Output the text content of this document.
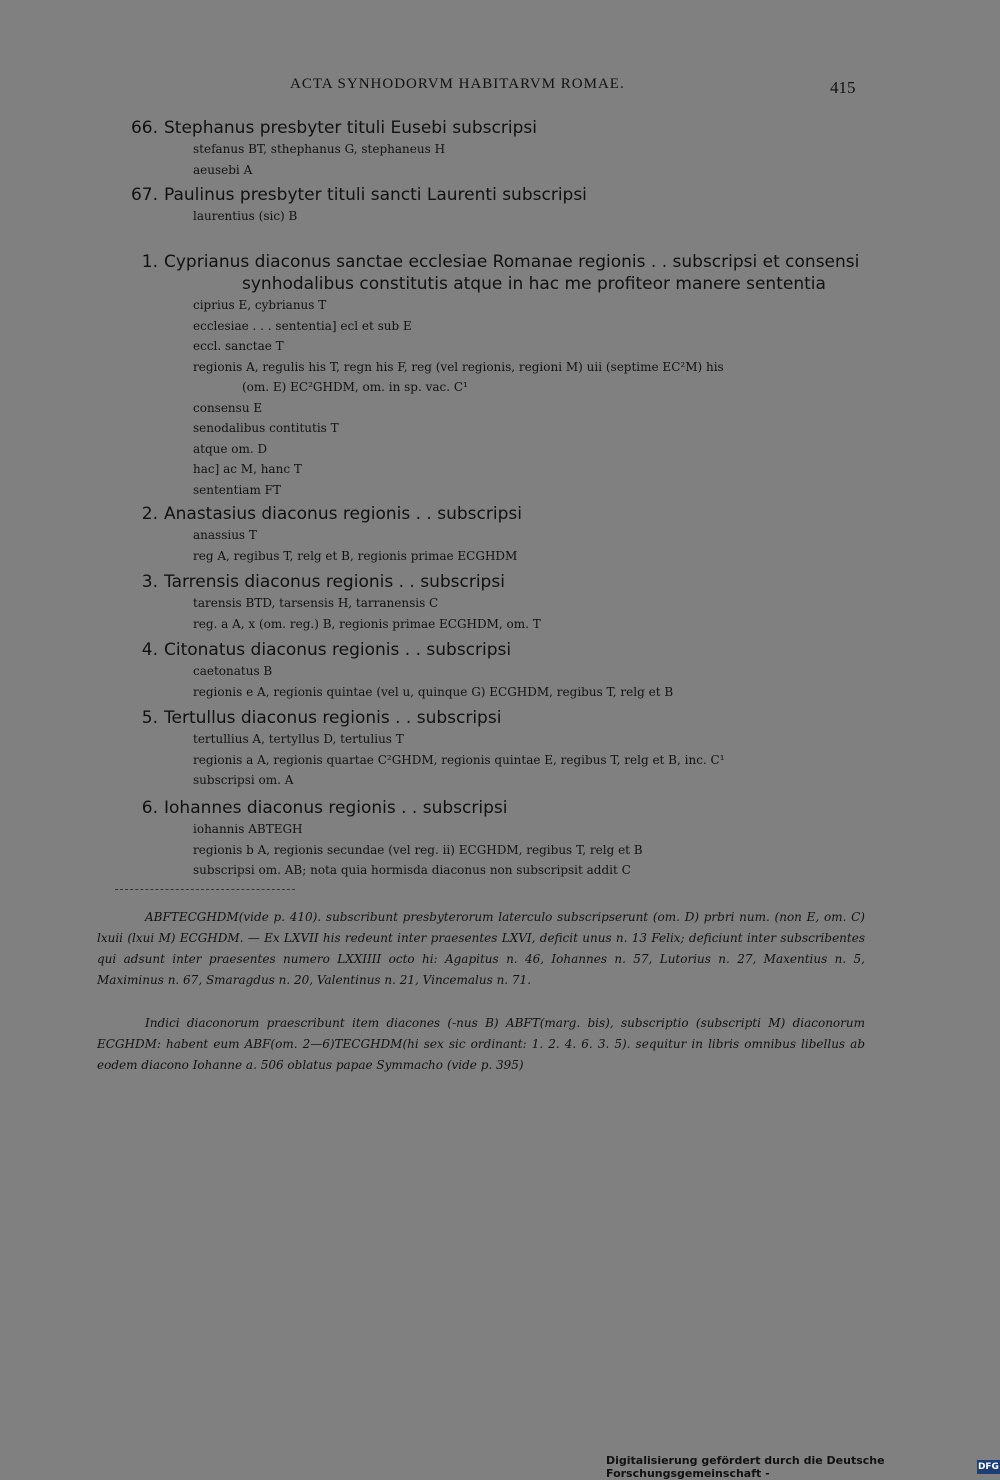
ACTA SYNHODORVM HABITARVM ROMAE.	415
66. Stephanus presbyter tituli Eusebi subscripsi
stefanus BT, sthephanus G, stephaneus H
aeusebi A
67. Paulinus presbyter tituli sancti Laurenti subscripsi
laurentius (sic) B
1. Cyprianus diaconus sanctae ecclesiae Romanae regionis . . subscripsi et consensi
synhodalibus constitutis atque in hac me profiteor manere sententia
ciprius E, cybrianus T
ecclesiae . . . sententia] ecl et sub E
eccl. sanctae T
regionis A, regulis his T, regn his F, reg (vel regionis, regioni M) uii (septime EC²M) his
(om. E) EC²GHDM, om. in sp. vac. C¹
consensu E
senodalibus contitutis T
atque om. D
hac] ac M, hanc T
sententiam FT
2. Anastasius diaconus regionis . . subscripsi
anassius T
reg A, regibus T, relg et B, regionis primae ECGHDM
3. Tarrensis diaconus regionis . . subscripsi
tarensis BTD, tarsensis H, tarranensis C
reg. a A, x (om. reg.) B, regionis primae ECGHDM, om. T
4. Citonatus diaconus regionis . . subscripsi
caetonatus B
regionis e A, regionis quintae (vel u, quinque G) ECGHDM, regibus T, relg et B
5. Tertullus diaconus regionis . . subscripsi
tertullius A, tertyllus D, tertulius T
regionis a A, regionis quartae C²GHDM, regionis quintae E, regibus T, relg et B, inc. C¹
subscripsi om. A
6. Iohannes diaconus regionis . . subscripsi
iohannis ABTEGH
regionis b A, regionis secundae (vel reg. ii) ECGHDM, regibus T, relg et B
subscripsi om. AB; nota quia hormisda diaconus non subscripsit addit C
ABFTECGHDM(vide p. 410). subscribunt presbyterorum laterculo subscripserunt (om. D) prbri num. (non E, om. C) lxuii (lxui M) ECGHDM. — Ex LXVII his redeunt inter praesentes LXVI, deficit unus n. 13 Felix; deficiunt inter subscribentes qui adsunt inter praesentes numero LXXIIII octo hi: Agapitus n. 46, Iohannes n. 57, Lutorius n. 27, Maxentius n. 5, Maximinus n. 67, Smaragdus n. 20, Valentinus n. 21, Vincemalus n. 71.
Indici diaconorum praescribunt item diacones (-nus B) ABFT(marg. bis), subscriptio (subscripti M) diaconorum ECGHDM: habent eum ABF(om. 2—6)TECGHDM(hi sex sic ordinant: 1. 2. 4. 6. 3. 5). sequitur in libris omnibus libellus ab eodem diacono Iohanne a. 506 oblatus papae Symmacho (vide p. 395)
Digitalisierung gefördert durch die Deutsche Forschungsgemeinschaft -	DFG
